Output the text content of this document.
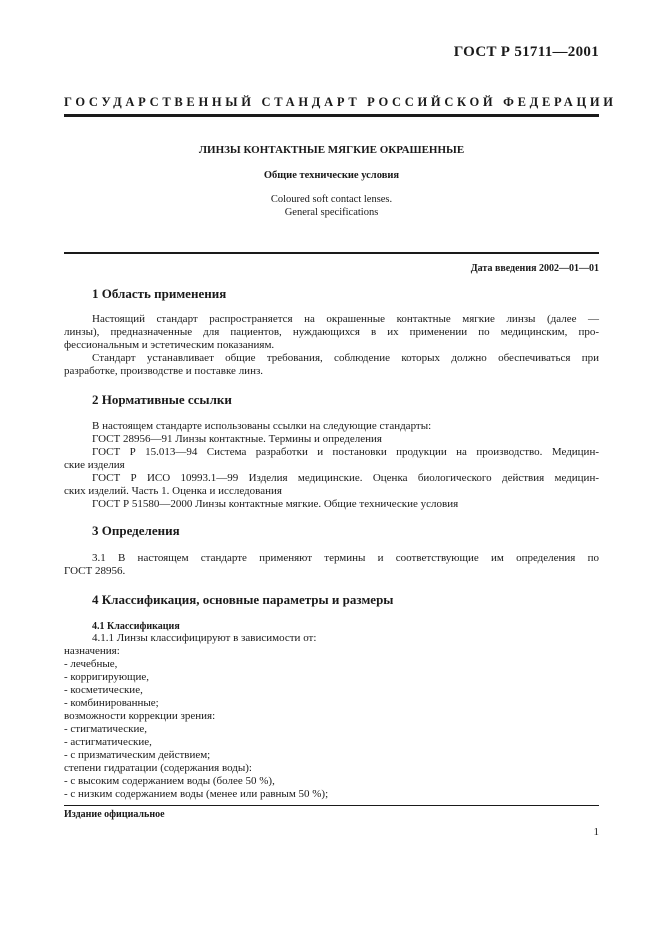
ГОСТ Р 51711—2001
ГОСУДАРСТВЕННЫЙ СТАНДАРТ РОССИЙСКОЙ ФЕДЕРАЦИИ
ЛИНЗЫ КОНТАКТНЫЕ МЯГКИЕ ОКРАШЕННЫЕ
Общие технические условия
Coloured soft contact lenses.
General specifications
Дата введения 2002—01—01
1 Область применения
Настоящий стандарт распространяется на окрашенные контактные мягкие линзы (далее —
линзы), предназначенные для пациентов, нуждающихся в их применении по медицинским, про-
фессиональным и эстетическим показаниям.
Стандарт устанавливает общие требования, соблюдение которых должно обеспечиваться при
разработке, производстве и поставке линз.
2 Нормативные ссылки
В настоящем стандарте использованы ссылки на следующие стандарты:
ГОСТ 28956—91 Линзы контактные. Термины и определения
ГОСТ Р 15.013—94 Система разработки и постановки продукции на производство. Медицин-
ские изделия
ГОСТ Р ИСО 10993.1—99 Изделия медицинские. Оценка биологического действия медицин-
ских изделий. Часть 1. Оценка и исследования
ГОСТ Р 51580—2000 Линзы контактные мягкие. Общие технические условия
3 Определения
3.1 В настоящем стандарте применяют термины и соответствующие им определения по
ГОСТ 28956.
4 Классификация, основные параметры и размеры
4.1 Классификация
4.1.1 Линзы классифицируют в зависимости от:
назначения:
- лечебные,
- корригирующие,
- косметические,
- комбинированные;
возможности коррекции зрения:
- стигматические,
- астигматические,
- с призматическим действием;
степени гидратации (содержания воды):
- с высоким содержанием воды (более 50 %),
- с низким содержанием воды (менее или равным 50 %);
Издание официальное
1
